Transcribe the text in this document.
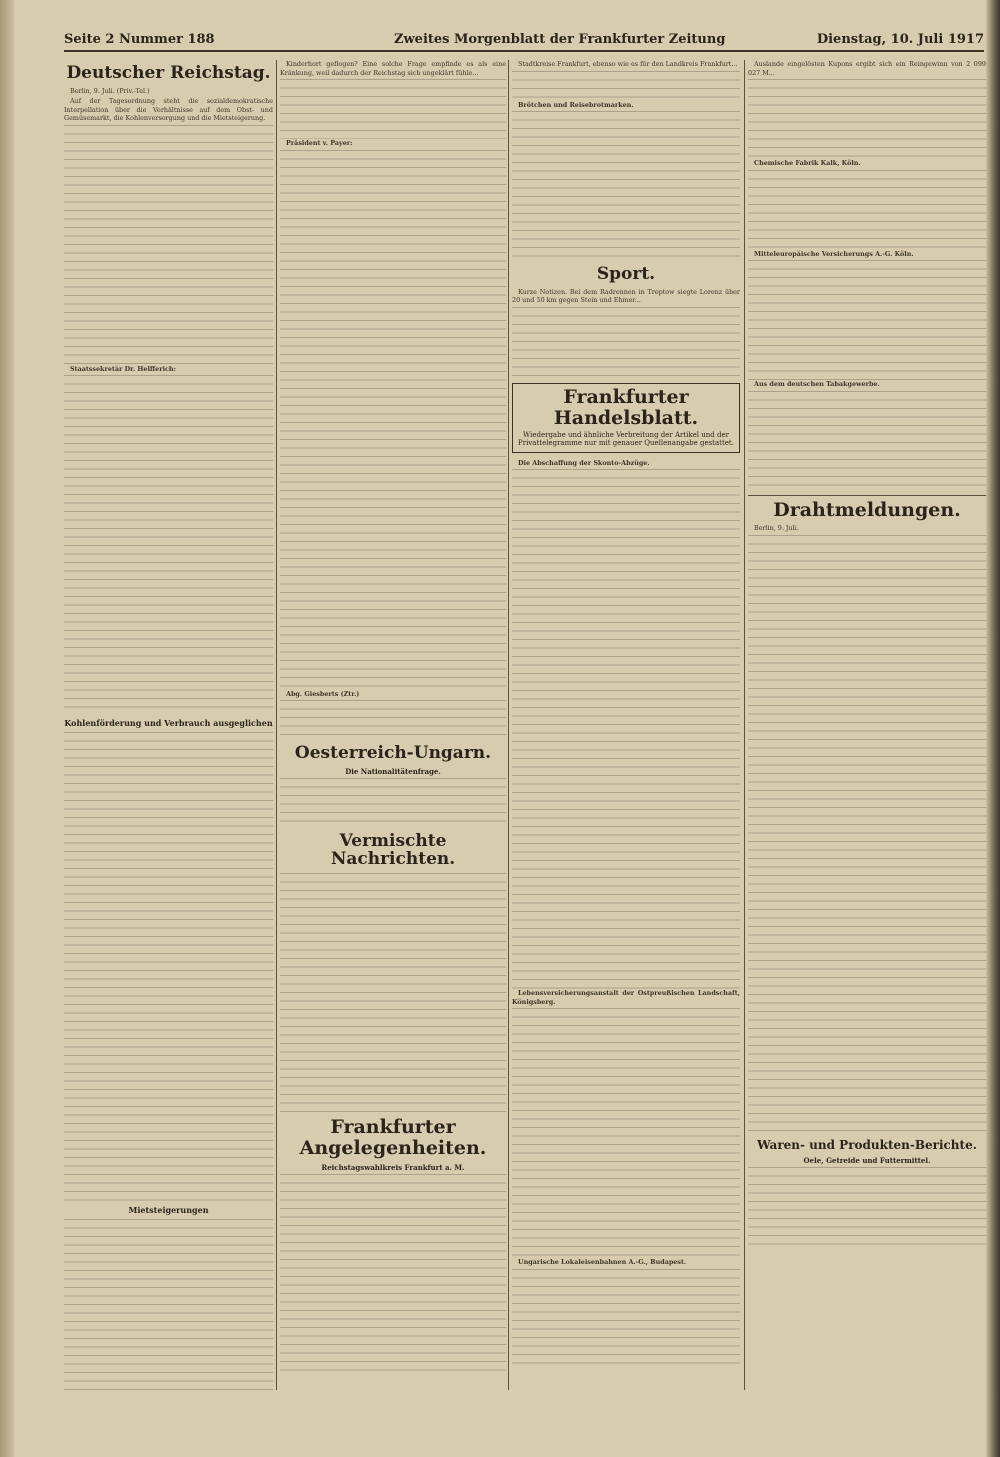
Seite 2 Nummer 188	Zweites Morgenblatt der Frankfurter Zeitung	Dienstag, 10. Juli 1917
Deutscher Reichstag.

Berlin, 9. Juli. (Priv.-Tel.)

Auf der Tagesordnung steht die sozialdemokratische Interpellation über die Verhältnisse auf dem Obst- und Gemüsemarkt, die Kohlenversorgung und die Mietsteigerung.

Staatssekretär Dr. Helfferich:

Kohlenförderung und Verbrauch ausgeglichen
Mietsteigerungen

Kinderhort geflogen? Eine solche Frage empfinde es als eine Kränkung, weil dadurch der Reichstag sich ungeklärt fühle...

Präsident v. Payer:

Abg. Giesberts (Ztr.)

Oesterreich-Ungarn.
Die Nationalitätenfrage.
Vermischte Nachrichten.
Frankfurter Angelegenheiten.
Reichstagswahlkreis Frankfurt a. M.

Stadtkreise Frankfurt, ebenso wie es für den Landkreis Frankfurt...

Brötchen und Reisebrotmarken.

Sport.

Kurze Notizen. Bei dem Radrennen in Treptow siegte Lorenz über 20 und 50 km gegen Stein und Ehmer...

Frankfurter Handelsblatt.
Wiedergabe und ähnliche Verbreitung der Artikel und der Privattelegramme nur mit genauer Quellenangabe gestattet.

Die Abschaffung der Skonto-Abzüge.

Lebensversicherungsanstalt der Ostpreußischen Landschaft, Königsberg.

Ungarische Lokaleisenbahnen A.-G., Budapest.

Auslande eingelösten Kupons ergibt sich ein Reingewinn von 2 099 027 M...

Chemische Fabrik Kalk, Köln.

Mitteleuropäische Versicherungs A.-G. Köln.

Aus dem deutschen Tabakgewerbe.

Drahtmeldungen.

Berlin, 9. Juli.

Waren- und Produkten-Berichte.
Oele, Getreide und Futtermittel.
